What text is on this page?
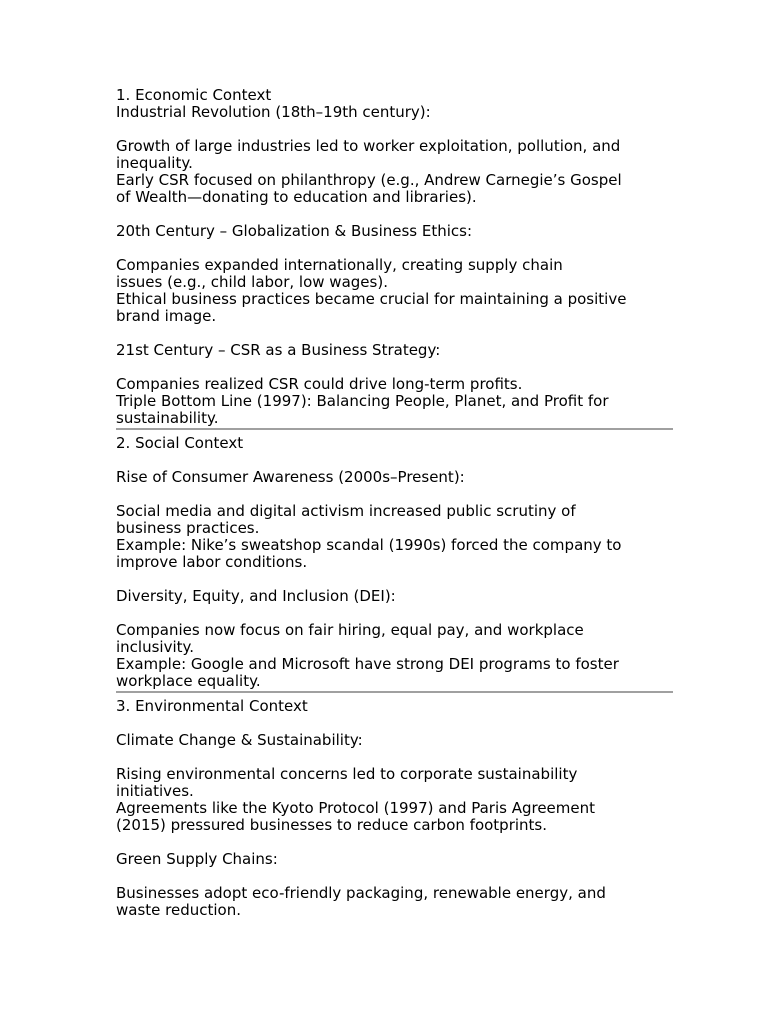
1. Economic Context

Industrial Revolution (18th–19th century):

Growth of large industries led to worker exploitation, pollution, and

inequality.

Early CSR focused on philanthropy (e.g., Andrew Carnegie’s Gospel

of Wealth—donating to education and libraries).

20th Century – Globalization & Business Ethics:

Companies expanded internationally, creating supply chain

issues (e.g., child labor, low wages).

Ethical business practices became crucial for maintaining a positive

brand image.

21st Century – CSR as a Business Strategy:

Companies realized CSR could drive long-term profits.

Triple Bottom Line (1997): Balancing People, Planet, and Profit for

sustainability.

2. Social Context

Rise of Consumer Awareness (2000s–Present):

Social media and digital activism increased public scrutiny of

business practices.

Example: Nike’s sweatshop scandal (1990s) forced the company to

improve labor conditions.

Diversity, Equity, and Inclusion (DEI):

Companies now focus on fair hiring, equal pay, and workplace

inclusivity.

Example: Google and Microsoft have strong DEI programs to foster

workplace equality.

3. Environmental Context

Climate Change & Sustainability:

Rising environmental concerns led to corporate sustainability

initiatives.

Agreements like the Kyoto Protocol (1997) and Paris Agreement

(2015) pressured businesses to reduce carbon footprints.

Green Supply Chains:

Businesses adopt eco-friendly packaging, renewable energy, and

waste reduction.
